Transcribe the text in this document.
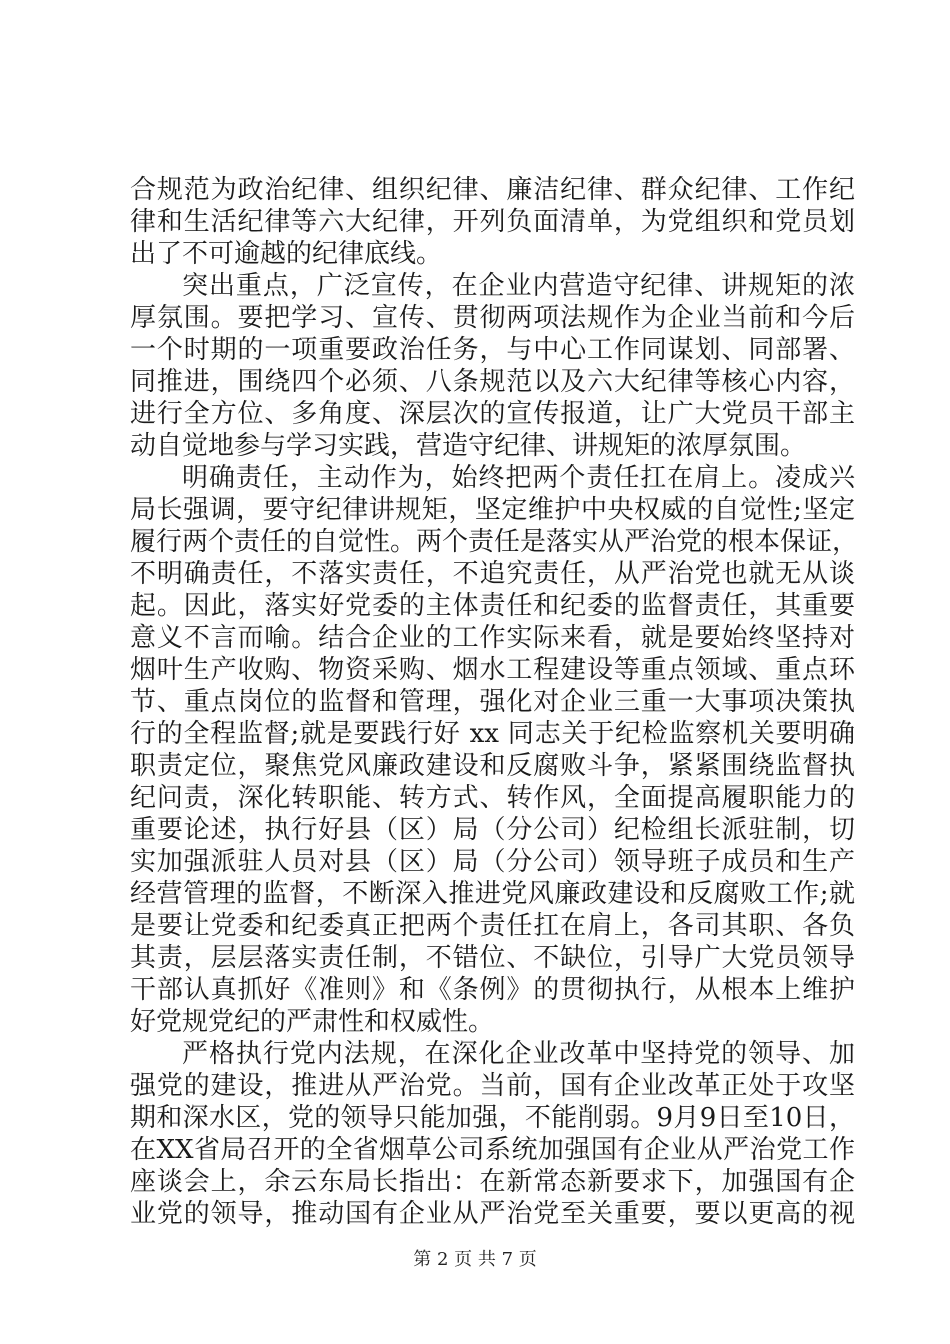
合规范为政治纪律、组织纪律、廉洁纪律、群众纪律、工作纪
律和生活纪律等六大纪律，开列负面清单，为党组织和党员划
出了不可逾越的纪律底线。
突出重点，广泛宣传，在企业内营造守纪律、讲规矩的浓
厚氛围。要把学习、宣传、贯彻两项法规作为企业当前和今后
一个时期的一项重要政治任务，与中心工作同谋划、同部署、
同推进，围绕四个必须、八条规范以及六大纪律等核心内容，
进行全方位、多角度、深层次的宣传报道，让广大党员干部主
动自觉地参与学习实践，营造守纪律、讲规矩的浓厚氛围。
明确责任，主动作为，始终把两个责任扛在肩上。凌成兴
局长强调，要守纪律讲规矩，坚定维护中央权威的自觉性;坚定
履行两个责任的自觉性。两个责任是落实从严治党的根本保证，
不明确责任，不落实责任，不追究责任，从严治党也就无从谈
起。因此，落实好党委的主体责任和纪委的监督责任，其重要
意义不言而喻。结合企业的工作实际来看，就是要始终坚持对
烟叶生产收购、物资采购、烟水工程建设等重点领域、重点环
节、重点岗位的监督和管理，强化对企业三重一大事项决策执
行的全程监督;就是要践行好 xx 同志关于纪检监察机关要明确
职责定位，聚焦党风廉政建设和反腐败斗争，紧紧围绕监督执
纪问责，深化转职能、转方式、转作风，全面提高履职能力的
重要论述，执行好县（区）局（分公司）纪检组长派驻制，切
实加强派驻人员对县（区）局（分公司）领导班子成员和生产
经营管理的监督，不断深入推进党风廉政建设和反腐败工作;就
是要让党委和纪委真正把两个责任扛在肩上，各司其职、各负
其责，层层落实责任制，不错位、不缺位，引导广大党员领导
干部认真抓好《准则》和《条例》的贯彻执行，从根本上维护
好党规党纪的严肃性和权威性。
严格执行党内法规，在深化企业改革中坚持党的领导、加
强党的建设，推进从严治党。当前，国有企业改革正处于攻坚
期和深水区，党的领导只能加强，不能削弱。9月9日至10日，
在XX省局召开的全省烟草公司系统加强国有企业从严治党工作
座谈会上，余云东局长指出：在新常态新要求下，加强国有企
业党的领导，推动国有企业从严治党至关重要，要以更高的视
第 2 页 共 7 页
